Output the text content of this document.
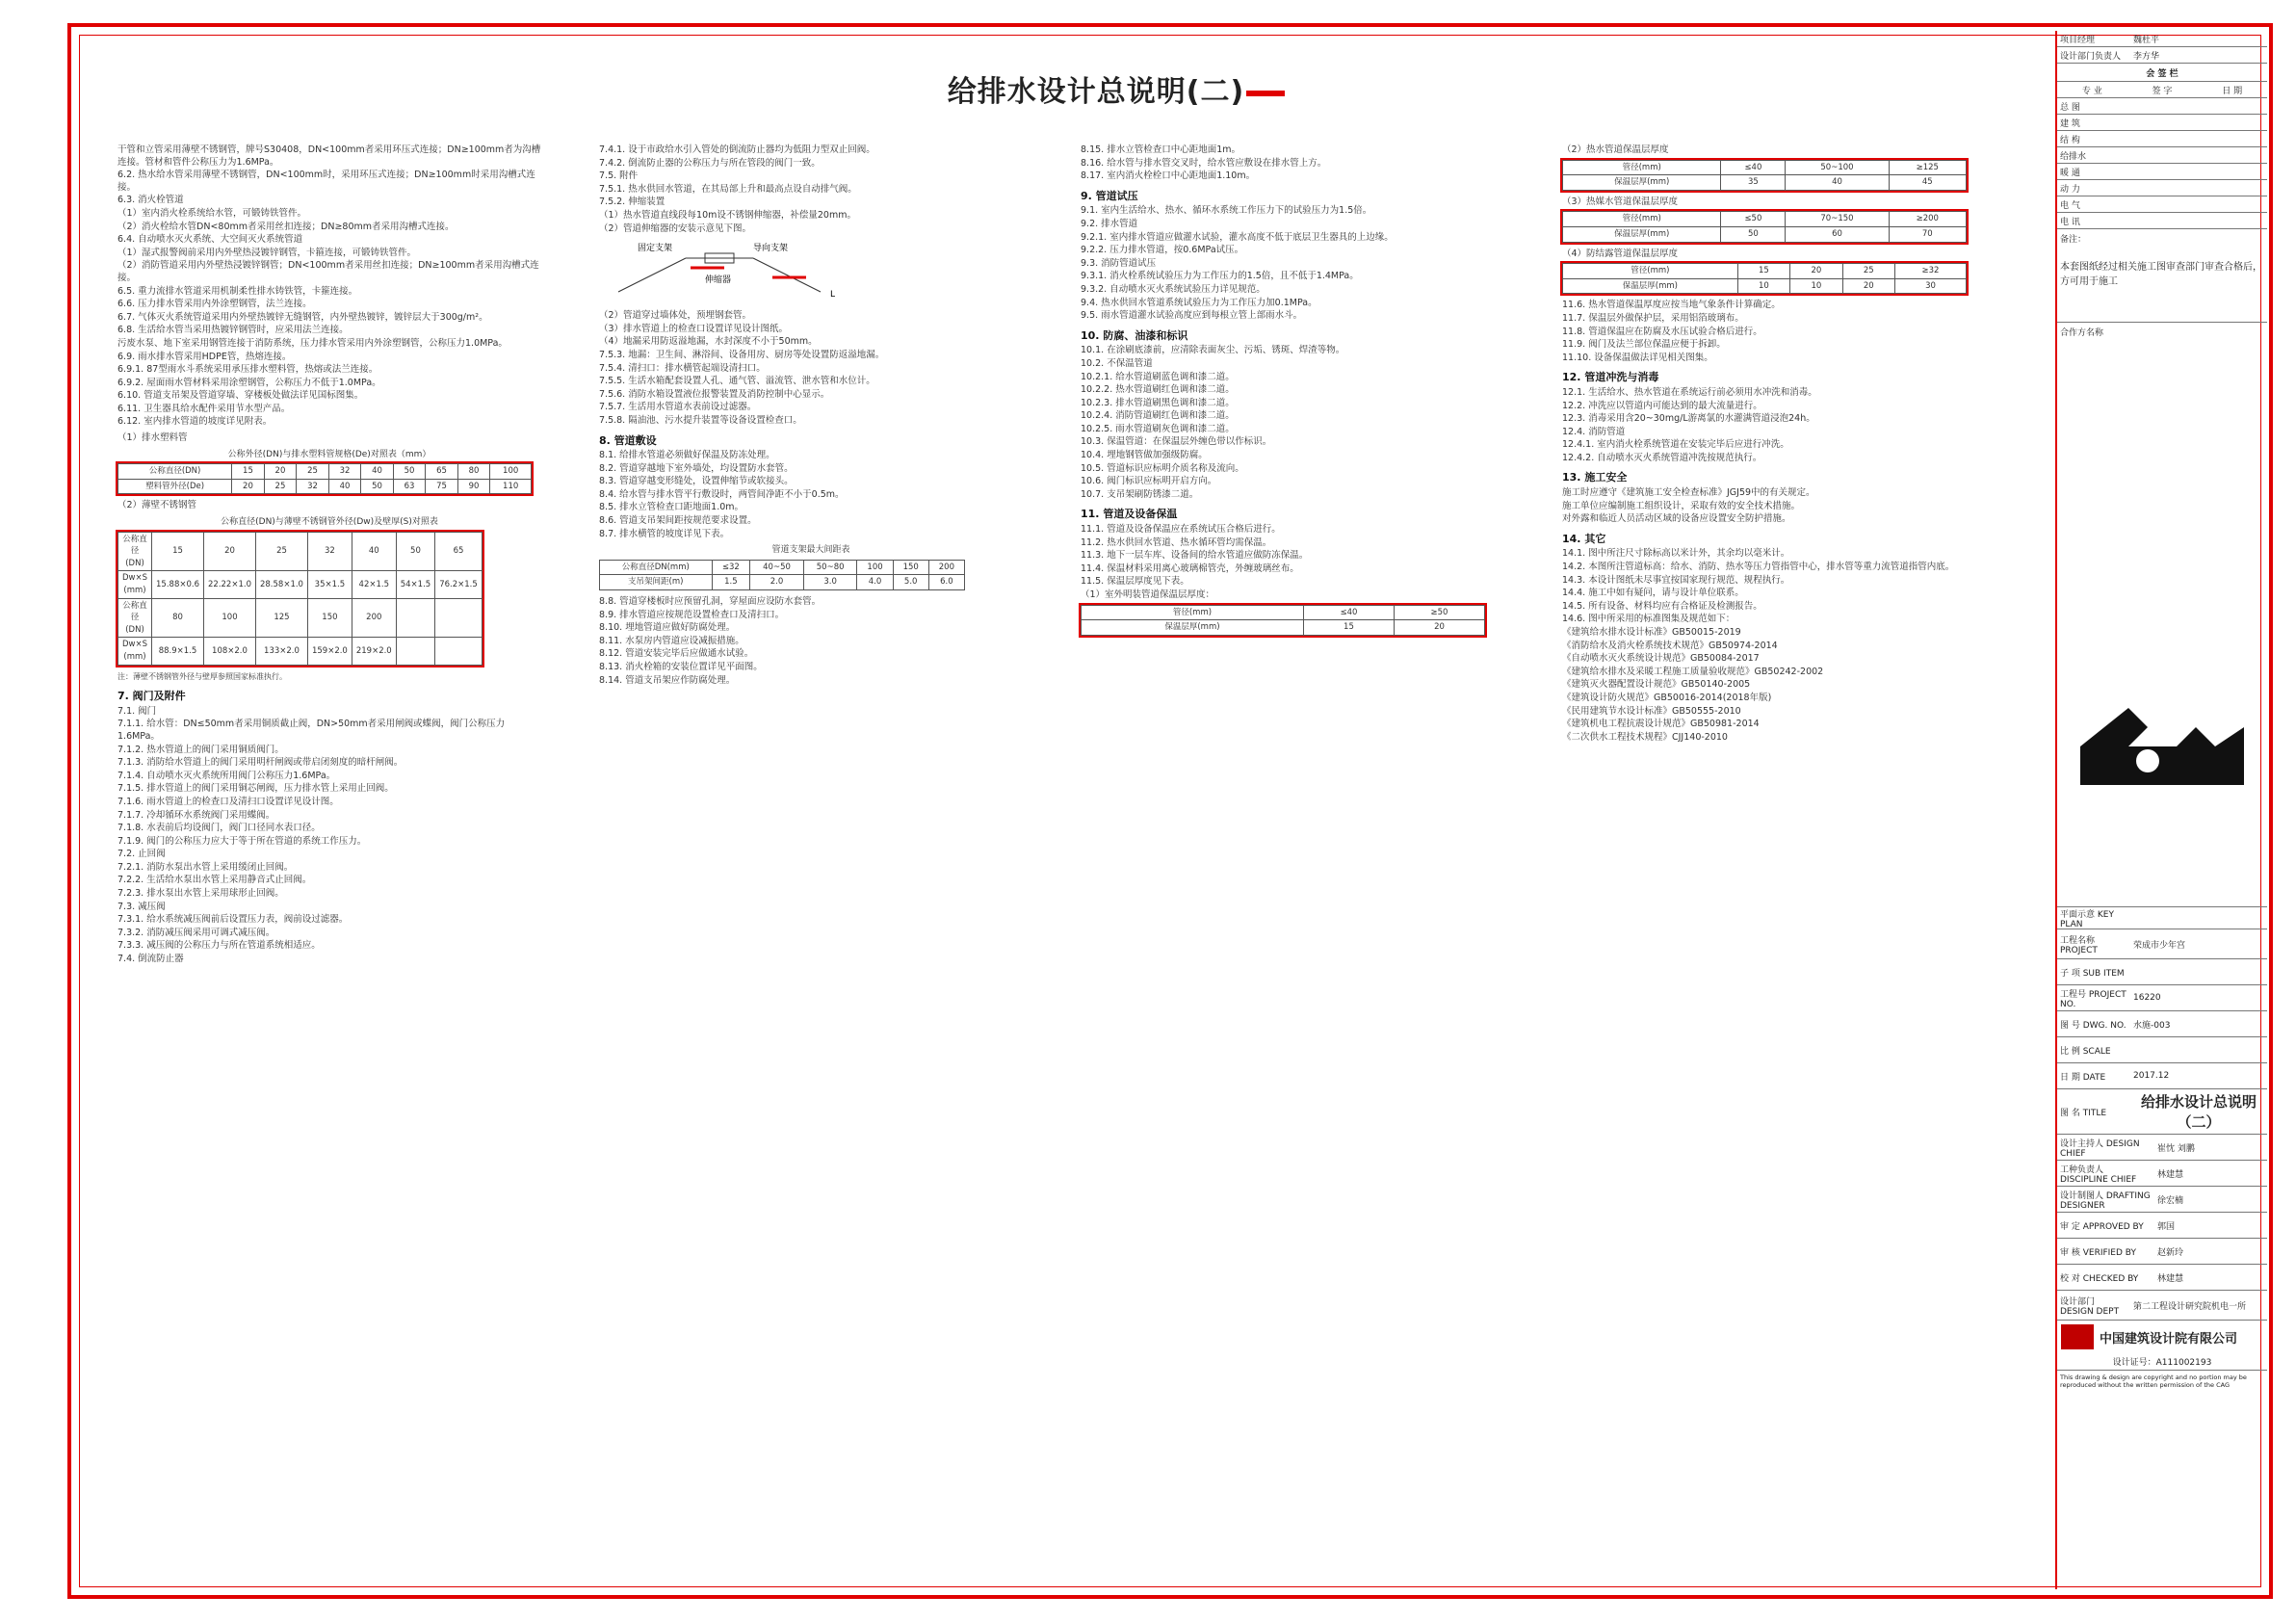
给排水设计总说明(二)

干管和立管采用薄壁不锈钢管，牌号S30408，DN<100mm者采用环压式连接；DN≥100mm者为沟槽连接。管材和管件公称压力为1.6MPa。

6.2. 热水给水管采用薄壁不锈钢管，DN<100mm时，采用环压式连接；DN≥100mm时采用沟槽式连接。

6.3. 消火栓管道

（1）室内消火栓系统给水管，可锻铸铁管件。

（2）消火栓给水管DN<80mm者采用丝扣连接；DN≥80mm者采用沟槽式连接。

6.4. 自动喷水灭火系统、大空间灭火系统管道

（1）湿式报警阀前采用内外壁热浸镀锌钢管，卡箍连接，可锻铸铁管件。

（2）消防管道采用内外壁热浸镀锌钢管；DN<100mm者采用丝扣连接；DN≥100mm者采用沟槽式连接。

6.5. 重力流排水管道采用机制柔性排水铸铁管，卡箍连接。

6.6. 压力排水管采用内外涂塑钢管，法兰连接。

6.7. 气体灭火系统管道采用内外壁热镀锌无缝钢管，内外壁热镀锌，镀锌层大于300g/m²。

6.8. 生活给水管当采用热镀锌钢管时，应采用法兰连接。

污废水泵、地下室采用钢管连接于消防系统，压力排水管采用内外涂塑钢管，公称压力1.0MPa。

6.9. 雨水排水管采用HDPE管，热熔连接。

6.9.1. 87型雨水斗系统采用承压排水塑料管，热熔或法兰连接。

6.9.2. 屋面雨水管材料采用涂塑钢管，公称压力不低于1.0MPa。

6.10. 管道支吊架及管道穿墙、穿楼板处做法详见国标图集。

6.11. 卫生器具给水配件采用节水型产品。

6.12. 室内排水管道的坡度详见附表。

（1）排水塑料管
公称外径(DN)与排水塑料管规格(De)对照表（mm）
公称直径(DN)	15	20	25	32	40	50	65	80	100
塑料管外径(De)	20	25	32	40	50	63	75	90	110
（2）薄壁不锈钢管
公称直径(DN)与薄壁不锈钢管外径(Dw)及壁厚(S)对照表
公称直径(DN)	15	20	25	32	40	50	65
Dw×S (mm)	15.88×0.6	22.22×1.0	28.58×1.0	35×1.5	42×1.5	54×1.5	76.2×1.5
公称直径(DN)	80	100	125	150	200		
Dw×S (mm)	88.9×1.5	108×2.0	133×2.0	159×2.0	219×2.0		
注：薄壁不锈钢管外径与壁厚参照国家标准执行。
7. 阀门及附件

7.1. 阀门

7.1.1. 给水管：DN≤50mm者采用铜质截止阀，DN>50mm者采用闸阀或蝶阀，阀门公称压力1.6MPa。

7.1.2. 热水管道上的阀门采用铜质阀门。

7.1.3. 消防给水管道上的阀门采用明杆闸阀或带启闭刻度的暗杆闸阀。

7.1.4. 自动喷水灭火系统所用阀门公称压力1.6MPa。

7.1.5. 排水管道上的阀门采用铜芯闸阀，压力排水管上采用止回阀。

7.1.6. 雨水管道上的检查口及清扫口设置详见设计图。

7.1.7. 冷却循环水系统阀门采用蝶阀。

7.1.8. 水表前后均设阀门，阀门口径同水表口径。

7.1.9. 阀门的公称压力应大于等于所在管道的系统工作压力。

7.2. 止回阀

7.2.1. 消防水泵出水管上采用缓闭止回阀。

7.2.2. 生活给水泵出水管上采用静音式止回阀。

7.2.3. 排水泵出水管上采用球形止回阀。

7.3. 减压阀

7.3.1. 给水系统减压阀前后设置压力表，阀前设过滤器。

7.3.2. 消防减压阀采用可调式减压阀。

7.3.3. 减压阀的公称压力与所在管道系统相适应。

7.4. 倒流防止器

7.4.1. 设于市政给水引入管处的倒流防止器均为低阻力型双止回阀。

7.4.2. 倒流防止器的公称压力与所在管段的阀门一致。

7.5. 附件

7.5.1. 热水供回水管道，在其局部上升和最高点设自动排气阀。

7.5.2. 伸缩装置

（1）热水管道直线段每10m设不锈钢伸缩器，补偿量20mm。

（2）管道伸缩器的安装示意见下图。

固定支架	导向支架
伸缩器
L

（2）管道穿过墙体处，预埋钢套管。

（3）排水管道上的检查口设置详见设计图纸。

（4）地漏采用防返溢地漏，水封深度不小于50mm。

7.5.3. 地漏：卫生间、淋浴间、设备用房、厨房等处设置防返溢地漏。

7.5.4. 清扫口：排水横管起端设清扫口。

7.5.5. 生活水箱配套设置人孔、通气管、溢流管、泄水管和水位计。

7.5.6. 消防水箱设置液位报警装置及消防控制中心显示。

7.5.7. 生活用水管道水表前设过滤器。

7.5.8. 隔油池、污水提升装置等设备设置检查口。

8. 管道敷设

8.1. 给排水管道必须做好保温及防冻处理。

8.2. 管道穿越地下室外墙处，均设置防水套管。

8.3. 管道穿越变形缝处，设置伸缩节或软接头。

8.4. 给水管与排水管平行敷设时，两管间净距不小于0.5m。

8.5. 排水立管检查口距地面1.0m。

8.6. 管道支吊架间距按规范要求设置。

8.7. 排水横管的坡度详见下表。

管道支架最大间距表
公称直径DN(mm)	≤32	40~50	50~80	100	150	200
支吊架间距(m)	1.5	2.0	3.0	4.0	5.0	6.0

8.8. 管道穿楼板时应预留孔洞，穿屋面应设防水套管。

8.9. 排水管道应按规范设置检查口及清扫口。

8.10. 埋地管道应做好防腐处理。

8.11. 水泵房内管道应设减振措施。

8.12. 管道安装完毕后应做通水试验。

8.13. 消火栓箱的安装位置详见平面图。

8.14. 管道支吊架应作防腐处理。

8.15. 排水立管检查口中心距地面1m。

8.16. 给水管与排水管交叉时，给水管应敷设在排水管上方。

8.17. 室内消火栓栓口中心距地面1.10m。

9. 管道试压

9.1. 室内生活给水、热水、循环水系统工作压力下的试验压力为1.5倍。

9.2. 排水管道

9.2.1. 室内排水管道应做灌水试验，灌水高度不低于底层卫生器具的上边缘。

9.2.2. 压力排水管道，按0.6MPa试压。

9.3. 消防管道试压

9.3.1. 消火栓系统试验压力为工作压力的1.5倍，且不低于1.4MPa。

9.3.2. 自动喷水灭火系统试验压力详见规范。

9.4. 热水供回水管道系统试验压力为工作压力加0.1MPa。

9.5. 雨水管道灌水试验高度应到每根立管上部雨水斗。

10. 防腐、油漆和标识

10.1. 在涂刷底漆前，应清除表面灰尘、污垢、锈斑、焊渣等物。

10.2. 不保温管道

10.2.1. 给水管道刷蓝色调和漆二道。

10.2.2. 热水管道刷红色调和漆二道。

10.2.3. 排水管道刷黑色调和漆二道。

10.2.4. 消防管道刷红色调和漆二道。

10.2.5. 雨水管道刷灰色调和漆二道。

10.3. 保温管道：在保温层外缠色带以作标识。

10.4. 埋地钢管做加强级防腐。

10.5. 管道标识应标明介质名称及流向。

10.6. 阀门标识应标明开启方向。

10.7. 支吊架刷防锈漆二道。

11. 管道及设备保温

11.1. 管道及设备保温应在系统试压合格后进行。

11.2. 热水供回水管道、热水循环管均需保温。

11.3. 地下一层车库、设备间的给水管道应做防冻保温。

11.4. 保温材料采用离心玻璃棉管壳，外缠玻璃丝布。

11.5. 保温层厚度见下表。

（1）室外明装管道保温层厚度：

管径(mm)	≤40	≥50
保温层厚(mm)	15	20
（2）热水管道保温层厚度
管径(mm)	≤40	50~100	≥125
保温层厚(mm)	35	40	45
（3）热媒水管道保温层厚度
管径(mm)	≤50	70~150	≥200
保温层厚(mm)	50	60	70
（4）防结露管道保温层厚度
管径(mm)	15	20	25	≥32
保温层厚(mm)	10	10	20	30

11.6. 热水管道保温厚度应按当地气象条件计算确定。

11.7. 保温层外做保护层，采用铝箔玻璃布。

11.8. 管道保温应在防腐及水压试验合格后进行。

11.9. 阀门及法兰部位保温应便于拆卸。

11.10. 设备保温做法详见相关图集。

12. 管道冲洗与消毒

12.1. 生活给水、热水管道在系统运行前必须用水冲洗和消毒。

12.2. 冲洗应以管道内可能达到的最大流量进行。

12.3. 消毒采用含20~30mg/L游离氯的水灌满管道浸泡24h。

12.4. 消防管道

12.4.1. 室内消火栓系统管道在安装完毕后应进行冲洗。

12.4.2. 自动喷水灭火系统管道冲洗按规范执行。

13. 施工安全

施工时应遵守《建筑施工安全检查标准》JGJ59中的有关规定。

施工单位应编制施工组织设计，采取有效的安全技术措施。

对外露和临近人员活动区域的设备应设置安全防护措施。

14. 其它

14.1. 图中所注尺寸除标高以米计外，其余均以毫米计。

14.2. 本图所注管道标高：给水、消防、热水等压力管指管中心，排水管等重力流管道指管内底。

14.3. 本设计图纸未尽事宜按国家现行规范、规程执行。

14.4. 施工中如有疑问，请与设计单位联系。

14.5. 所有设备、材料均应有合格证及检测报告。

14.6. 图中所采用的标准图集及规范如下：

《建筑给水排水设计标准》GB50015-2019

《消防给水及消火栓系统技术规范》GB50974-2014

《自动喷水灭火系统设计规范》GB50084-2017

《建筑给水排水及采暖工程施工质量验收规范》GB50242-2002

《建筑灭火器配置设计规范》GB50140-2005

《建筑设计防火规范》GB50016-2014(2018年版)

《民用建筑节水设计标准》GB50555-2010

《建筑机电工程抗震设计规范》GB50981-2014

《二次供水工程技术规程》CJJ140-2010

项目经理	魏杜平
设计部门负责人	李方华
会 签 栏
专 业	签 字	日 期
总 图
建 筑
结 构
给排水
暖 通
动 力
电 气
电 讯
备注：
本套图纸经过相关施工图审查部门审查合格后，方可用于施工
合作方名称
平面示意 KEY PLAN
工程名称 PROJECT	荣成市少年宫
子 项 SUB ITEM
工程号 PROJECT NO.
16220
图 号 DWG. NO. 水施-003
比 例 SCALE
日 期 DATE	2017.12
图 名 TITLE
给排水设计总说明（二）
设计主持人 DESIGN CHIEF	崔忱 刘鹏
工种负责人 DISCIPLINE CHIEF	林建慧
设计制图人 DRAFTING DESIGNER	徐宏楠
审 定 APPROVED BY	郭国
审 核 VERIFIED BY	赵新玲
校 对 CHECKED BY	林建慧
设计部门 DESIGN DEPT	第二工程设计研究院机电一所
中国建筑设计院有限公司
设计证号：A111002193
This drawing & design are copyright and no portion may be reproduced without the written permission of the CAG
